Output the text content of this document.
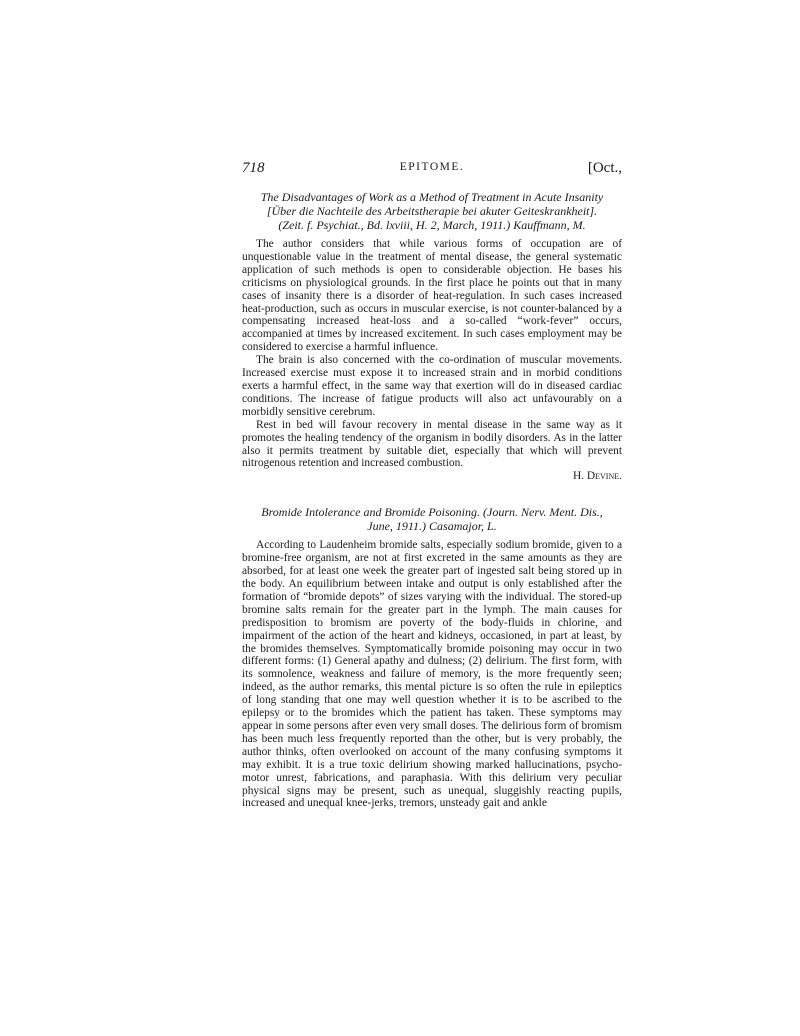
718	EPITOME.	[Oct.,
The Disadvantages of Work as a Method of Treatment in Acute Insanity
[Über die Nachteile des Arbeitstherapie bei akuter Geiteskrankheit].
(Zeit. f. Psychiat., Bd. lxviii, H. 2, March, 1911.) Kauffmann, M.

The author considers that while various forms of occupation are of unquestionable value in the treatment of mental disease, the general systematic application of such methods is open to considerable objection. He bases his criticisms on physiological grounds. In the first place he points out that in many cases of insanity there is a disorder of heat-regulation. In such cases increased heat-production, such as occurs in muscular exercise, is not counter-balanced by a compensating increased heat-loss and a so-called “work-fever” occurs, accompanied at times by increased excitement. In such cases employment may be considered to exercise a harmful influence.

The brain is also concerned with the co-ordination of muscular movements. Increased exercise must expose it to increased strain and in morbid conditions exerts a harmful effect, in the same way that exertion will do in diseased cardiac conditions. The increase of fatigue products will also act unfavourably on a morbidly sensitive cerebrum.

Rest in bed will favour recovery in mental disease in the same way as it promotes the healing tendency of the organism in bodily disorders. As in the latter also it permits treatment by suitable diet, especially that which will prevent nitrogenous retention and increased combustion.

H. Devine.

Bromide Intolerance and Bromide Poisoning. (Journ. Nerv. Ment. Dis.,
June, 1911.) Casamajor, L.

According to Laudenheim bromide salts, especially sodium bromide, given to a bromine-free organism, are not at first excreted in the same amounts as they are absorbed, for at least one week the greater part of ingested salt being stored up in the body. An equilibrium between intake and output is only established after the formation of “bromide depots” of sizes varying with the individual. The stored-up bromine salts remain for the greater part in the lymph. The main causes for predisposition to bromism are poverty of the body-fluids in chlorine, and impairment of the action of the heart and kidneys, occasioned, in part at least, by the bromides themselves. Symptomatically bromide poisoning may occur in two different forms: (1) General apathy and dulness; (2) delirium. The first form, with its somnolence, weakness and failure of memory, is the more frequently seen; indeed, as the author remarks, this mental picture is so often the rule in epileptics of long standing that one may well question whether it is to be ascribed to the epilepsy or to the bromides which the patient has taken. These symptoms may appear in some persons after even very small doses. The delirious form of bromism has been much less frequently reported than the other, but is very probably, the author thinks, often overlooked on account of the many confusing symptoms it may exhibit. It is a true toxic delirium showing marked hallucinations, psycho-motor unrest, fabrications, and paraphasia. With this delirium very peculiar physical signs may be present, such as unequal, sluggishly reacting pupils, increased and unequal knee-jerks, tremors, unsteady gait and ankle
